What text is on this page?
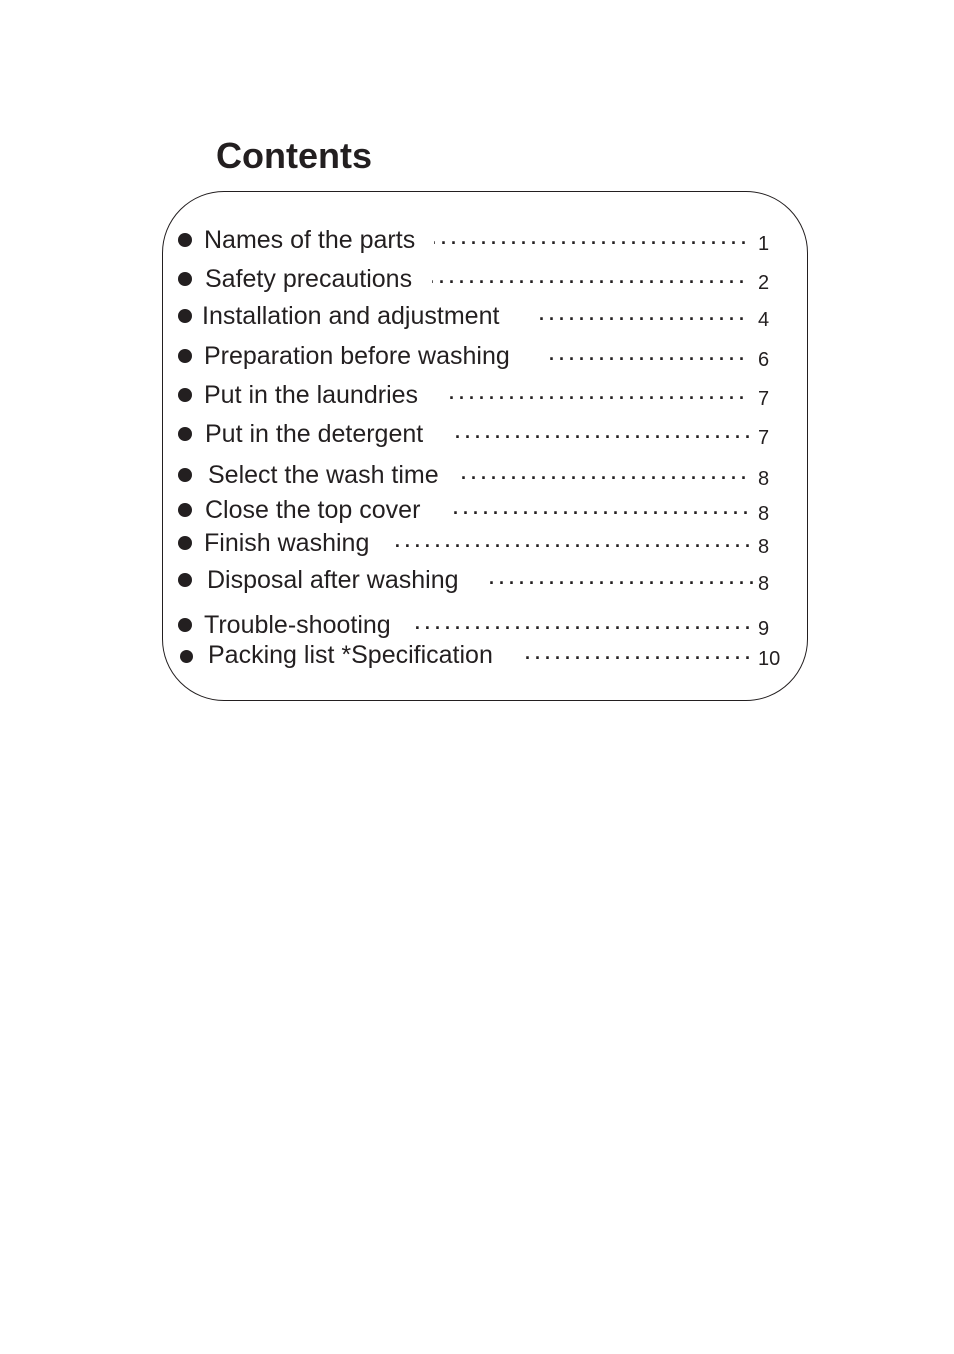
Contents
Names of the parts . . .	1
Safety precautions . . .	2
Installation and adjustment . . .	4
Preparation before washing . . .	6
Put in the laundries . . .	7
Put in the detergent . . .	7
Select the wash time . . .	8
Close the top cover . . .	8
Finish washing . . .	8
Disposal after washing . . .	8
Trouble-shooting . . .	9
Packing list *Specification . . .	10
